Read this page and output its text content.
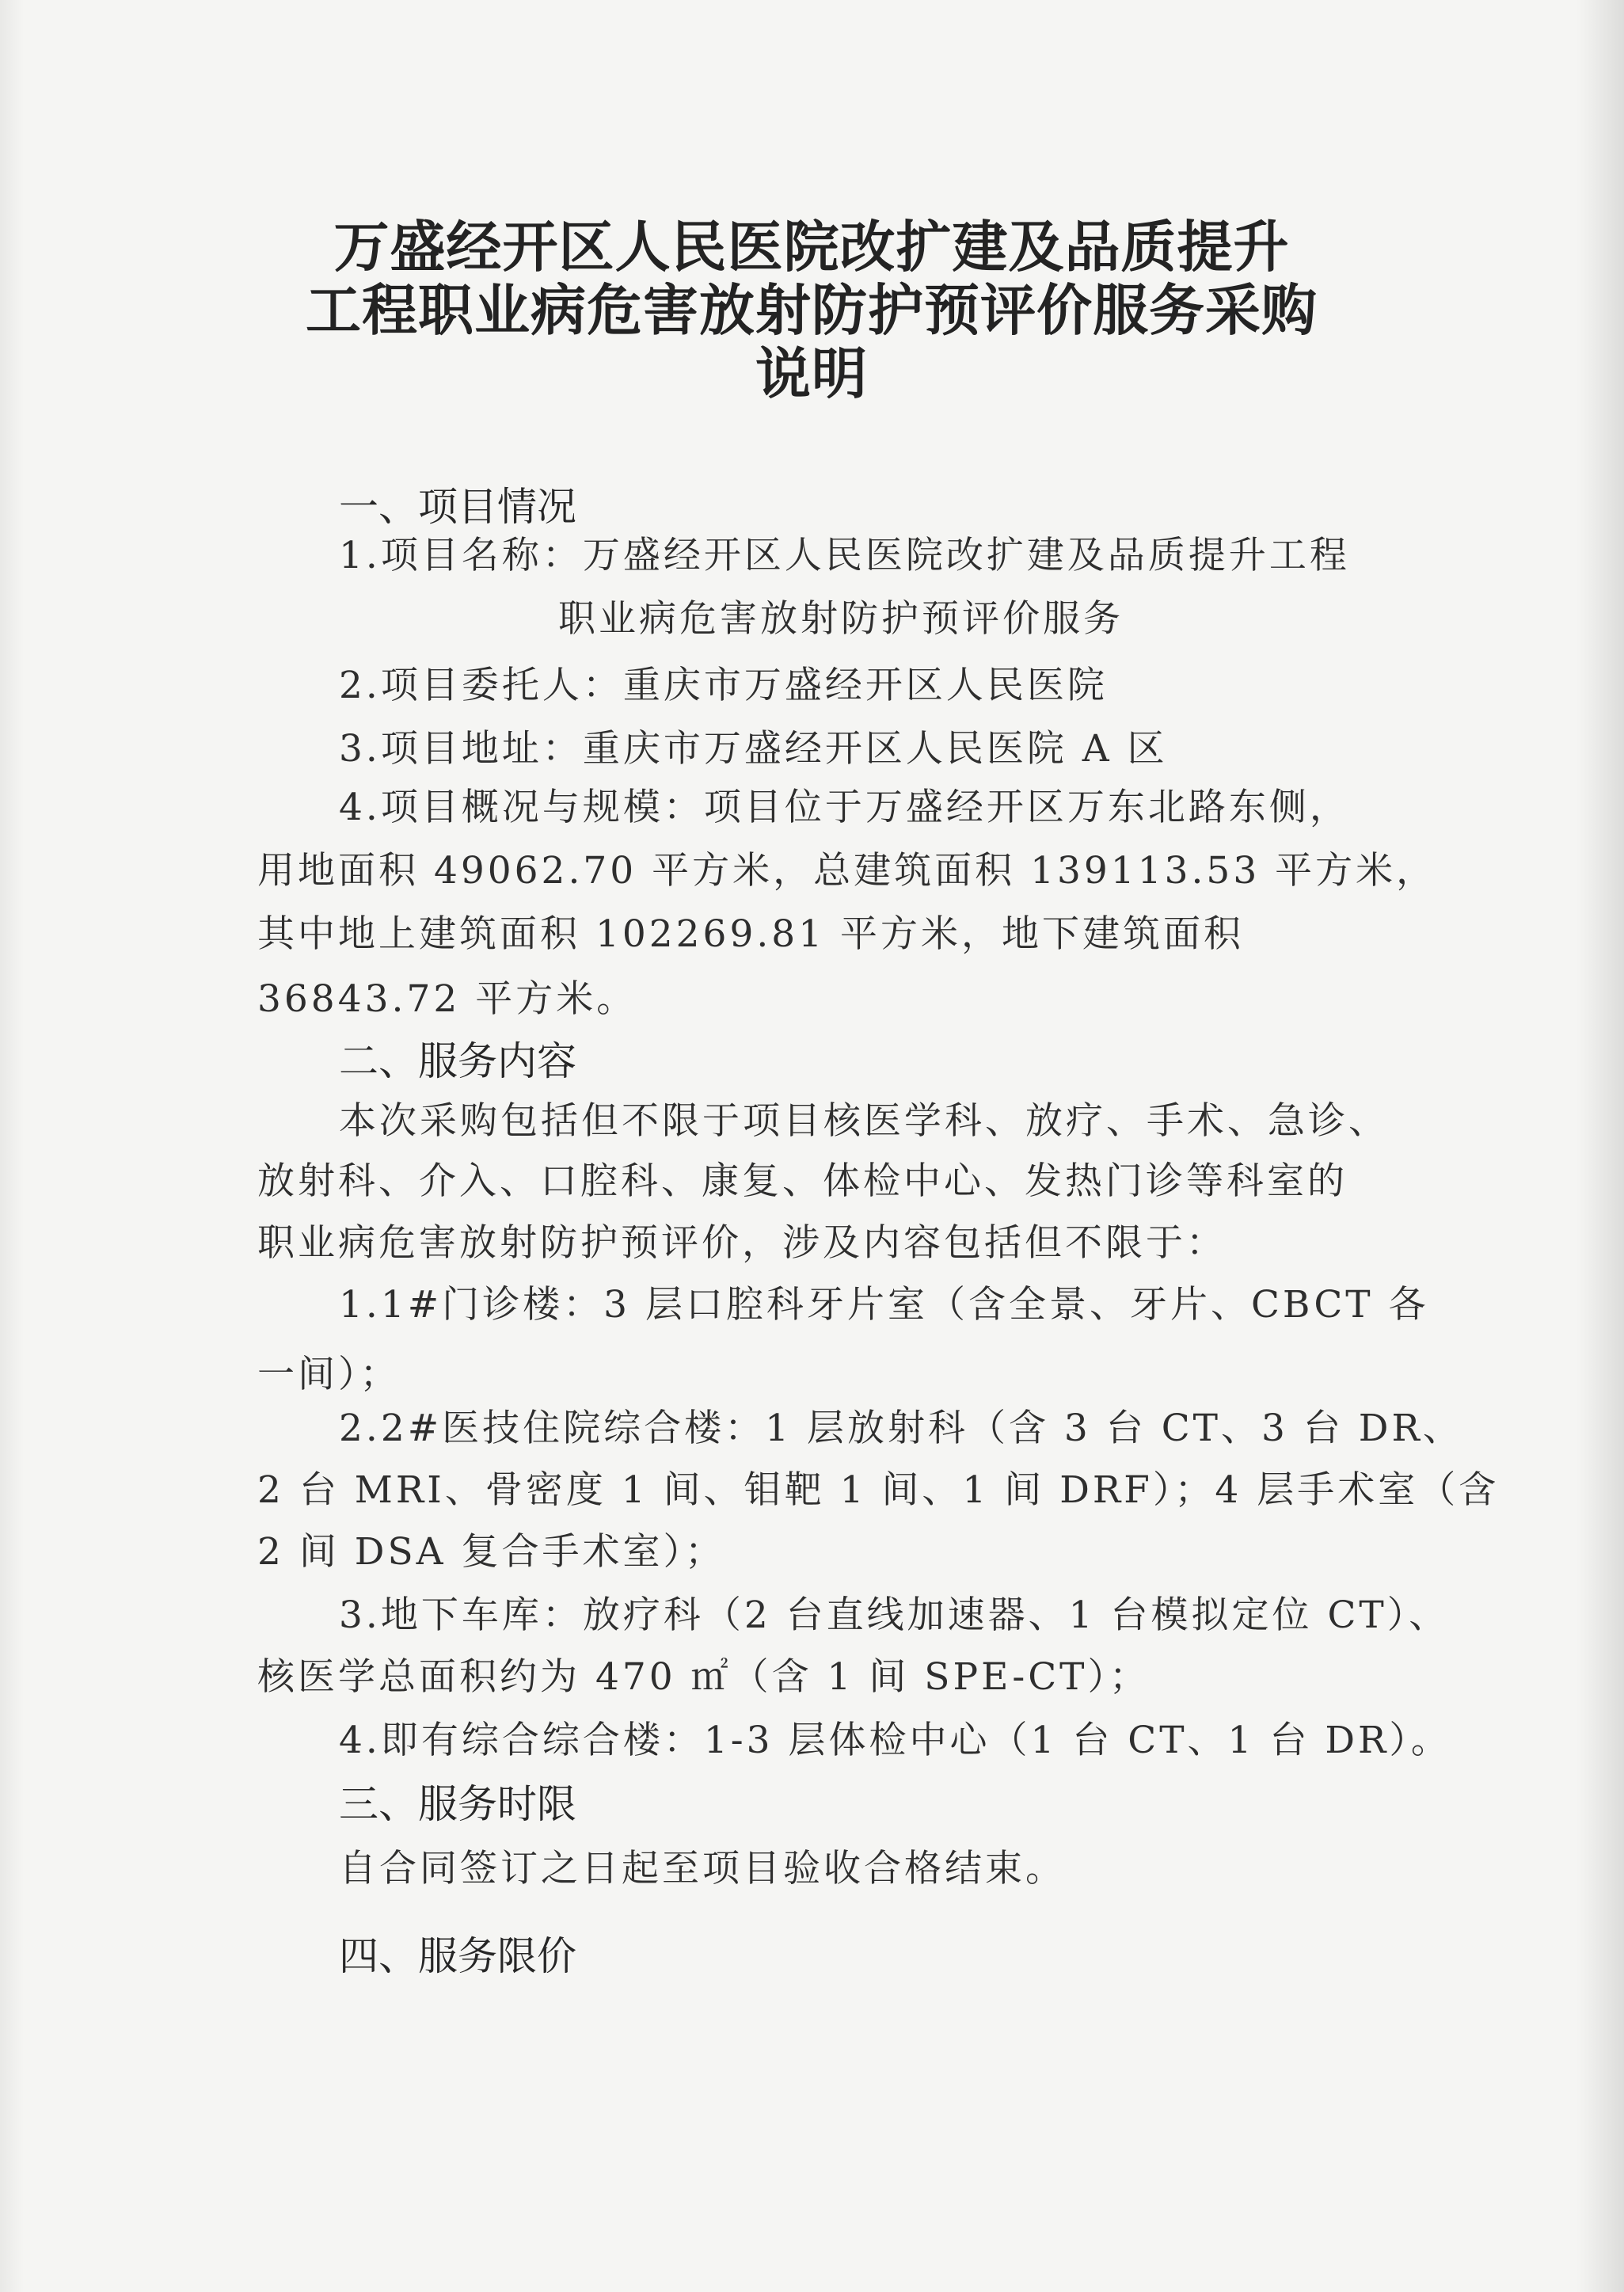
万盛经开区人民医院改扩建及品质提升
工程职业病危害放射防护预评价服务采购
说明
一、项目情况
1.项目名称：万盛经开区人民医院改扩建及品质提升工程
职业病危害放射防护预评价服务
2.项目委托人：重庆市万盛经开区人民医院
3.项目地址：重庆市万盛经开区人民医院 A 区
4.项目概况与规模：项目位于万盛经开区万东北路东侧，
用地面积 49062.70 平方米，总建筑面积 139113.53 平方米，
其中地上建筑面积 102269.81 平方米，地下建筑面积
36843.72 平方米。
二、服务内容
本次采购包括但不限于项目核医学科、放疗、手术、急诊、
放射科、介入、口腔科、康复、体检中心、发热门诊等科室的
职业病危害放射防护预评价，涉及内容包括但不限于：
1.1#门诊楼：3 层口腔科牙片室（含全景、牙片、CBCT 各
一间）；
2.2#医技住院综合楼：1 层放射科（含 3 台 CT、3 台 DR、
2 台 MRI、骨密度 1 间、钼靶 1 间、1 间 DRF）；4 层手术室（含
2 间 DSA 复合手术室）；
3.地下车库：放疗科（2 台直线加速器、1 台模拟定位 CT）、
核医学总面积约为 470 ㎡（含 1 间 SPE-CT）；
4.即有综合综合楼：1-3 层体检中心（1 台 CT、1 台 DR）。
三、服务时限
自合同签订之日起至项目验收合格结束。
四、服务限价
